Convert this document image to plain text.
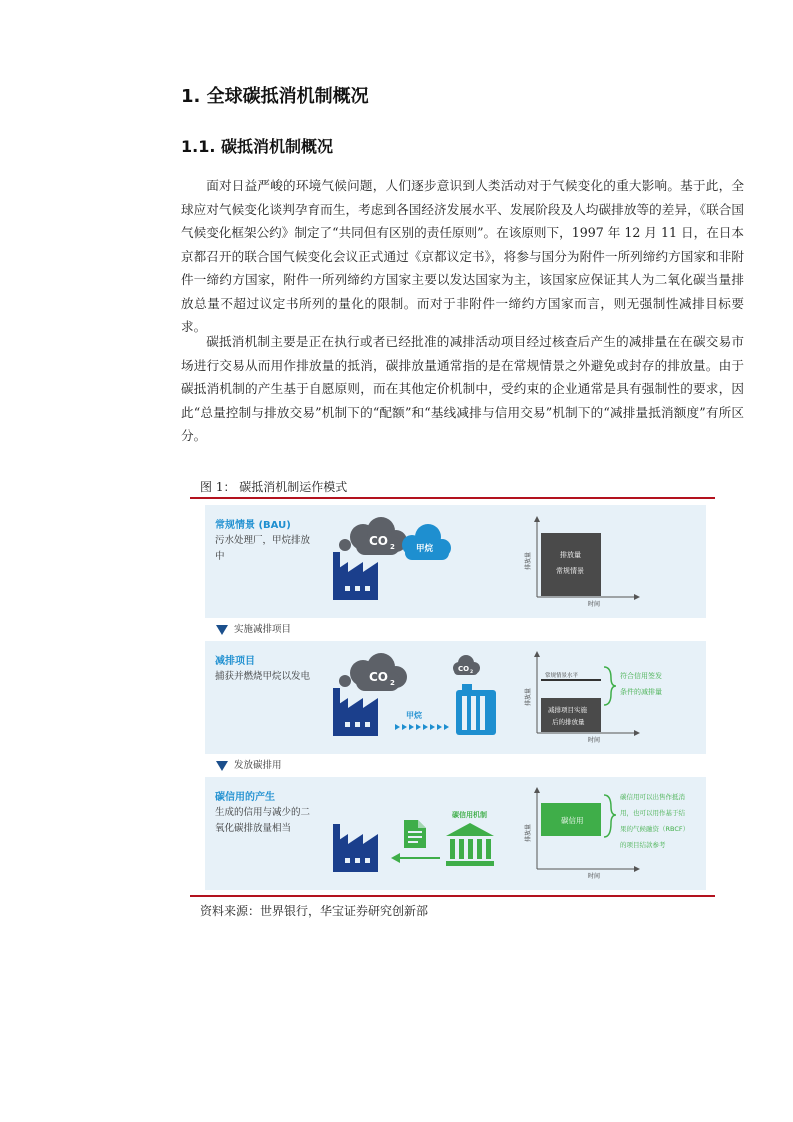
1. 全球碳抵消机制概况
1.1. 碳抵消机制概况

面对日益严峻的环境气候问题，人们逐步意识到人类活动对于气候变化的重大影响。基于此，全球应对气候变化谈判孕育而生，考虑到各国经济发展水平、发展阶段及人均碳排放等的差异，《联合国气候变化框架公约》制定了“共同但有区别的责任原则”。在该原则下，1997 年 12 月 11 日，在日本京都召开的联合国气候变化会议正式通过《京都议定书》，将参与国分为附件一所列缔约方国家和非附件一缔约方国家，附件一所列缔约方国家主要以发达国家为主，该国家应保证其人为二氧化碳当量排放总量不超过议定书所列的量化的限制。而对于非附件一缔约方国家而言，则无强制性减排目标要求。

碳抵消机制主要是正在执行或者已经批准的减排活动项目经过核查后产生的减排量在在碳交易市场进行交易从而用作排放量的抵消，碳排放量通常指的是在常规情景之外避免或封存的排放量。由于碳抵消机制的产生基于自愿原则，而在其他定价机制中，受约束的企业通常是具有强制性的要求，因此“总量控制与排放交易”机制下的“配额”和“基线减排与信用交易”机制下的“减排量抵消额度”有所区分。

图 1： 碳抵消机制运作模式
常规情景 (BAU)
污水处理厂，甲烷排放中
实施减排项目
减排项目
捕获并燃烧甲烷以发电
发放碳排用
碳信用的产生
生成的信用与减少的二氧化碳排放量相当
CO 2 甲烷
排放量
时间
排放量
常规情景
CO 2
甲烷
CO 2
排放量
时间
常规情景水平
减排项目实施
后的排放量
符合信用签发
条件的减排量
碳信用机制
排放量
时间
碳信用
碳信用可以出售作抵消
用，也可以用作基于结
果的气候融资（RBCF）
的项目结款参考
资料来源：世界银行，华宝证券研究创新部
